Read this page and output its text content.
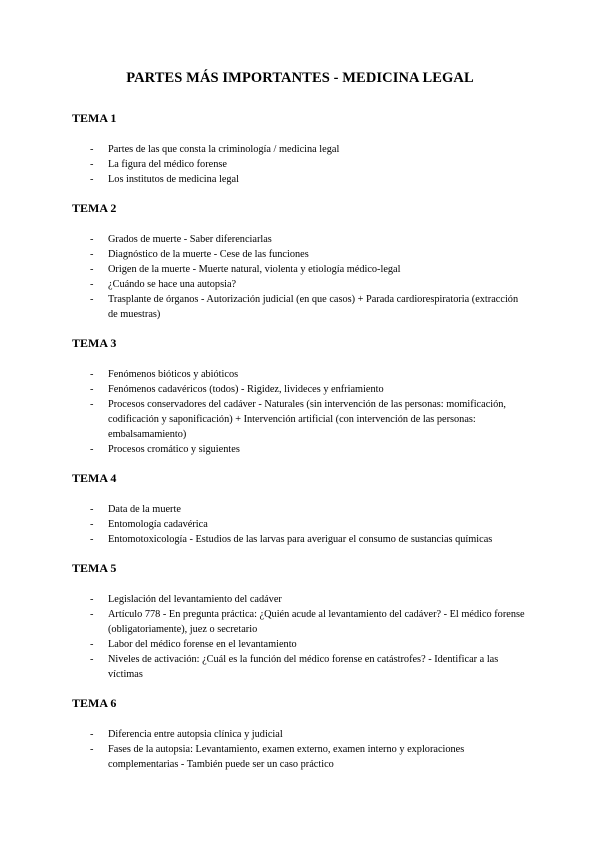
PARTES MÁS IMPORTANTES - MEDICINA LEGAL
TEMA 1
- Partes de las que consta la criminología / medicina legal
- La figura del médico forense
- Los institutos de medicina legal
TEMA 2
- Grados de muerte - Saber diferenciarlas
- Diagnóstico de la muerte - Cese de las funciones
- Origen de la muerte - Muerte natural, violenta y etiología médico-legal
- ¿Cuándo se hace una autopsia?
- Trasplante de órganos - Autorización judicial (en que casos) + Parada cardiorespiratoria (extracción de muestras)
TEMA 3
- Fenómenos bióticos y abióticos
- Fenómenos cadavéricos (todos) - Rigidez, livideces y enfriamiento
- Procesos conservadores del cadáver - Naturales (sin intervención de las personas: momificación, codificación y saponificación) + Intervención artificial (con intervención de las personas: embalsamamiento)
- Procesos cromático y siguientes
TEMA 4
- Data de la muerte
- Entomología cadavérica
- Entomotoxicología - Estudios de las larvas para averiguar el consumo de sustancias químicas
TEMA 5
- Legislación del levantamiento del cadáver
- Artículo 778 - En pregunta práctica: ¿Quién acude al levantamiento del cadáver? - El médico forense (obligatoriamente), juez o secretario
- Labor del médico forense en el levantamiento
- Niveles de activación: ¿Cuál es la función del médico forense en catástrofes? - Identificar a las víctimas
TEMA 6
- Diferencia entre autopsia clínica y judicial
- Fases de la autopsia: Levantamiento, examen externo, examen interno y exploraciones complementarias - También puede ser un caso práctico
